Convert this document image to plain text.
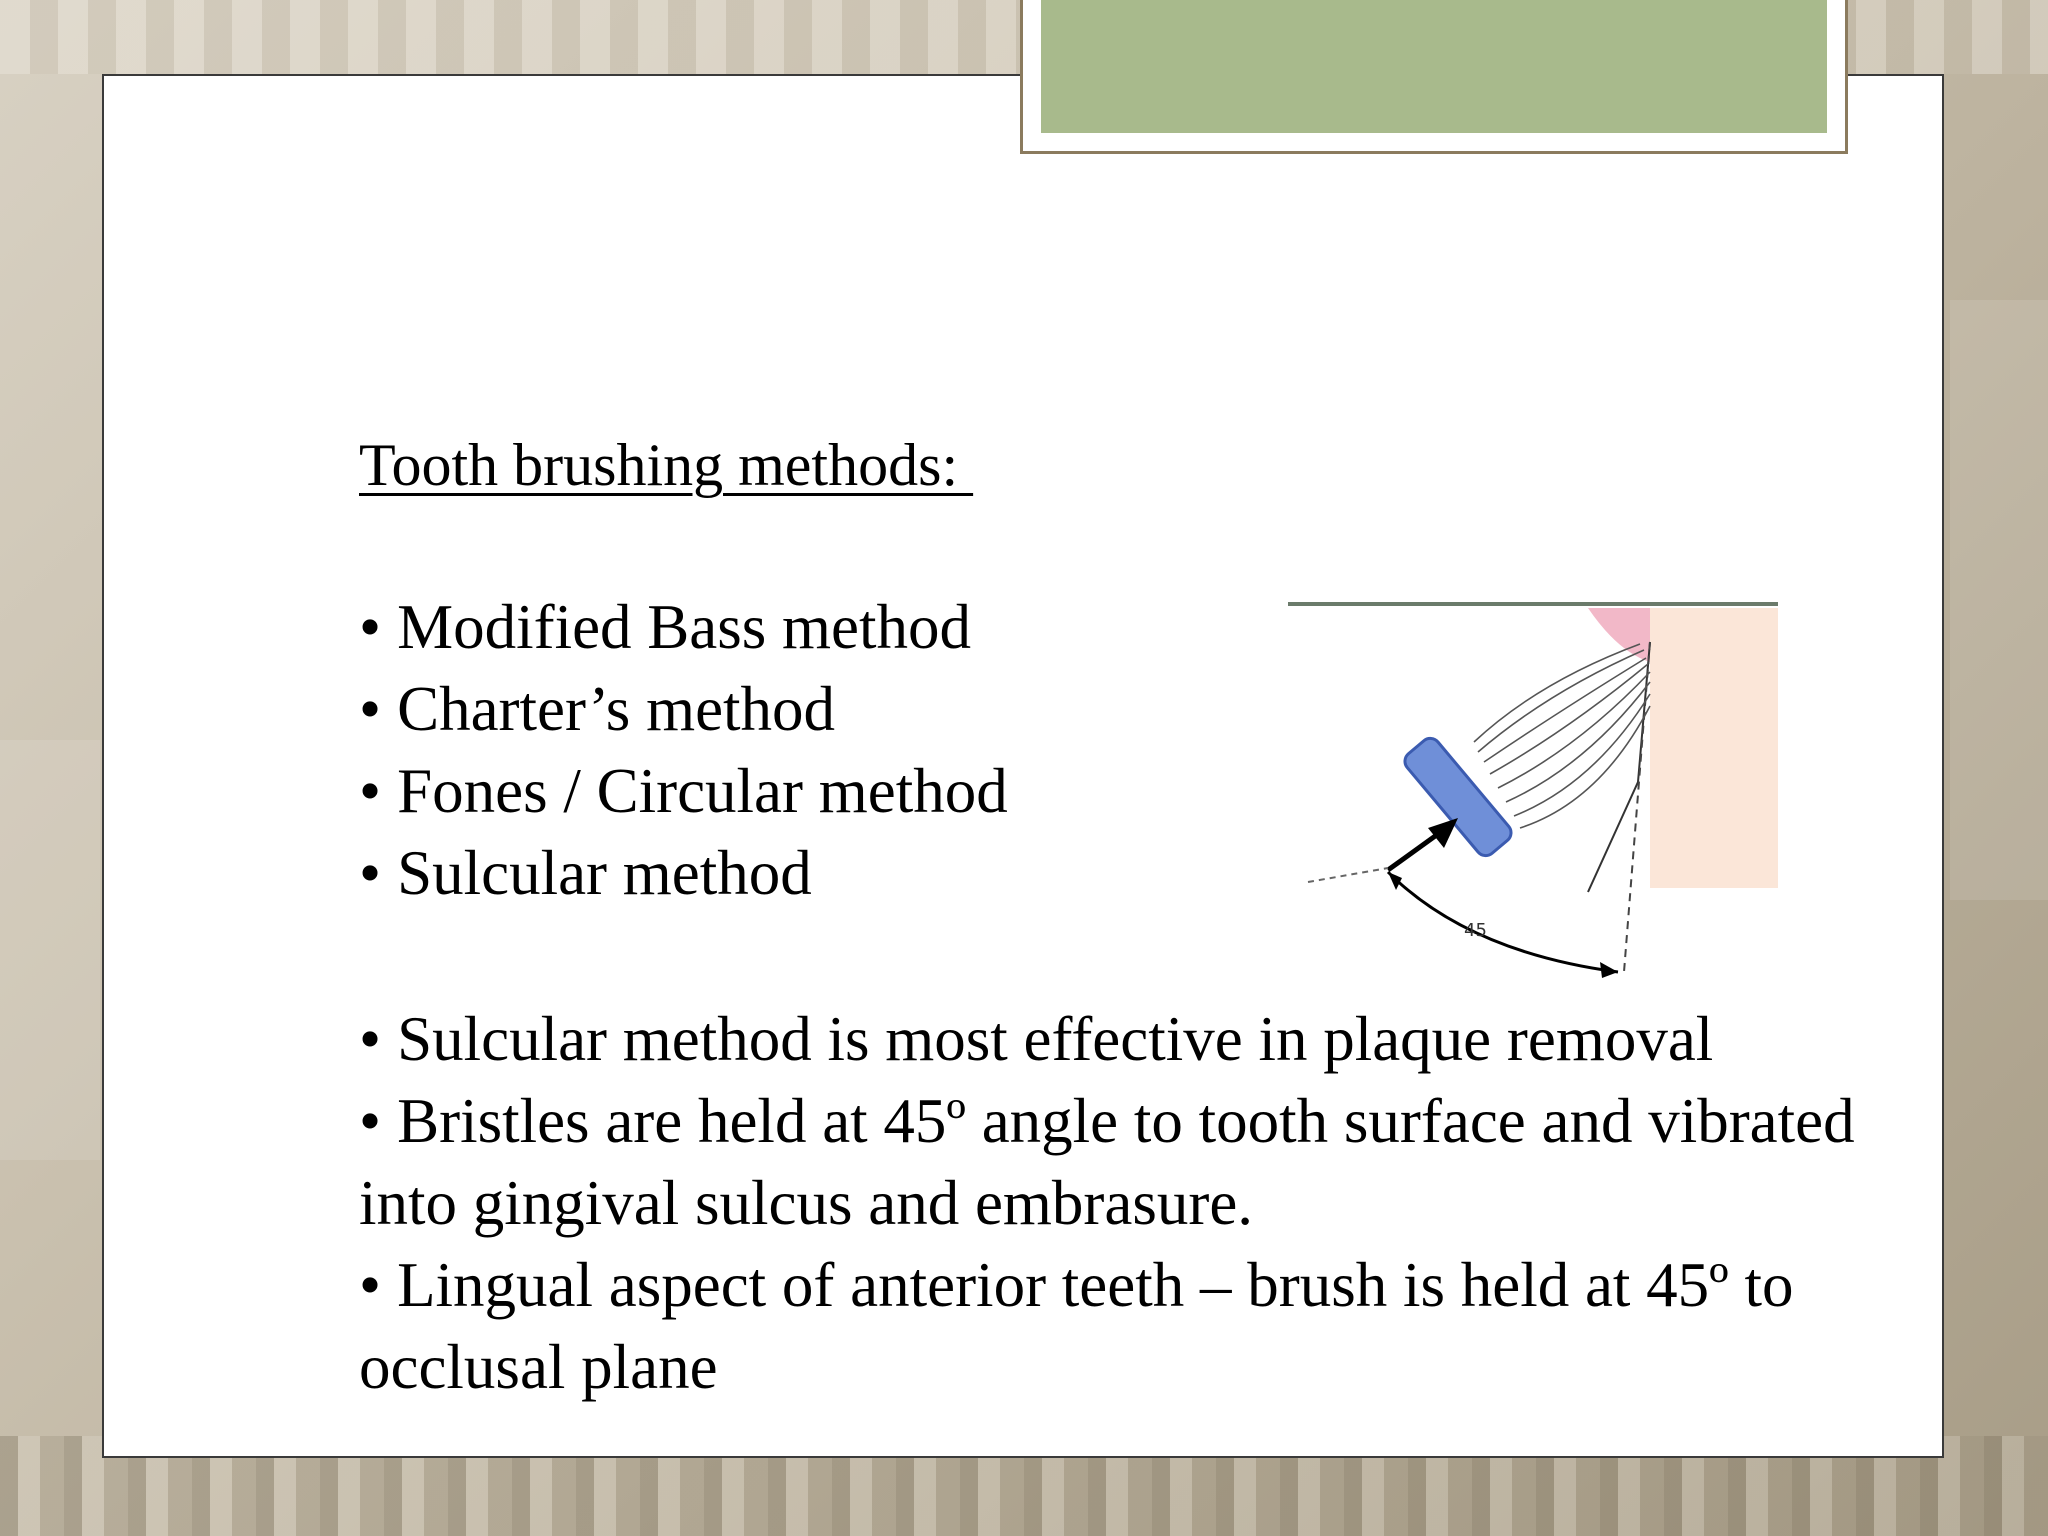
Tooth brushing methods:
• Modified Bass method
• Charter’s method
• Fones / Circular method
• Sulcular method
• Sulcular method is most effective in plaque removal
• Bristles are held at 45º angle to tooth surface and vibrated into gingival sulcus and embrasure.
• Lingual aspect of anterior teeth – brush is held at 45º to occlusal plane
45
